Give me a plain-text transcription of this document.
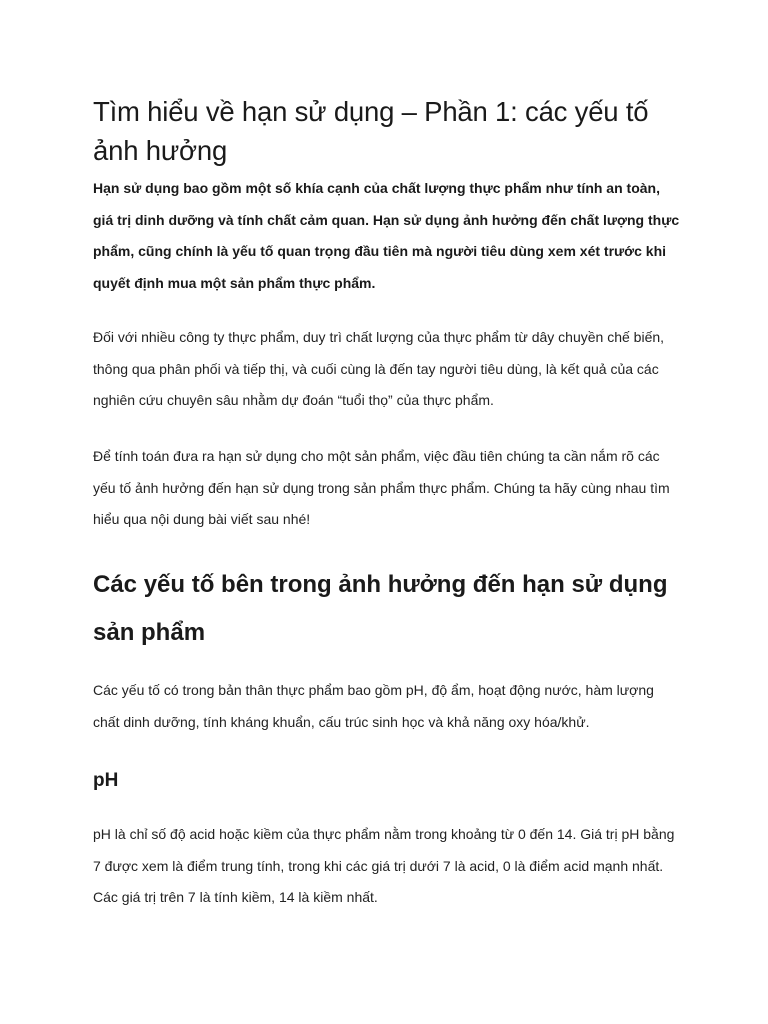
Tìm hiểu về hạn sử dụng – Phần 1: các yếu tố ảnh hưởng

Hạn sử dụng bao gồm một số khía cạnh của chất lượng thực phẩm như tính an toàn, giá trị dinh dưỡng và tính chất cảm quan. Hạn sử dụng ảnh hưởng đến chất lượng thực phẩm, cũng chính là yếu tố quan trọng đầu tiên mà người tiêu dùng xem xét trước khi quyết định mua một sản phẩm thực phẩm.

Đối với nhiều công ty thực phẩm, duy trì chất lượng của thực phẩm từ dây chuyền chế biến, thông qua phân phối và tiếp thị, và cuối cùng là đến tay người tiêu dùng, là kết quả của các nghiên cứu chuyên sâu nhằm dự đoán “tuổi thọ” của thực phẩm.

Để tính toán đưa ra hạn sử dụng cho một sản phẩm, việc đầu tiên chúng ta cần nắm rõ các yếu tố ảnh hưởng đến hạn sử dụng trong sản phẩm thực phẩm. Chúng ta hãy cùng nhau tìm hiểu qua nội dung bài viết sau nhé!

Các yếu tố bên trong ảnh hưởng đến hạn sử dụng sản phẩm

Các yếu tố có trong bản thân thực phẩm bao gồm pH, độ ẩm, hoạt động nước, hàm lượng chất dinh dưỡng, tính kháng khuẩn, cấu trúc sinh học và khả năng oxy hóa/khử.

pH

pH là chỉ số độ acid hoặc kiềm của thực phẩm nằm trong khoảng từ 0 đến 14. Giá trị pH bằng 7 được xem là điểm trung tính, trong khi các giá trị dưới 7 là acid, 0 là điểm acid mạnh nhất. Các giá trị trên 7 là tính kiềm, 14 là kiềm nhất.
